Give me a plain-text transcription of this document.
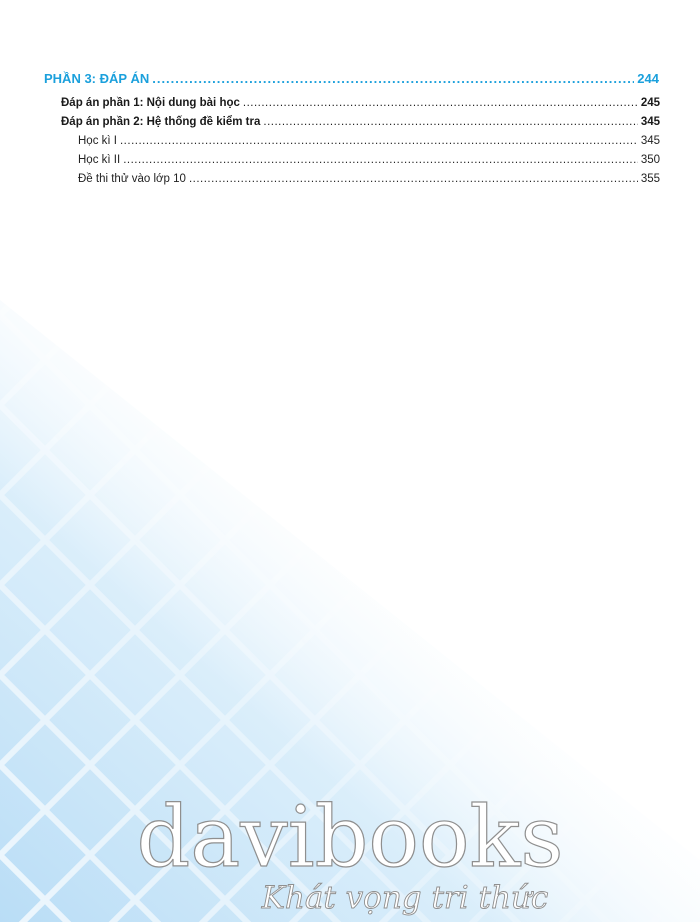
PHẦN 3: ĐÁP ÁN .....	244
Đáp án phần 1: Nội dung bài học .....	245
Đáp án phần 2: Hệ thống đề kiểm tra .....	345
Học kì I .....	345
Học kì II .....	350
Đề thi thử vào lớp 10 .....	355
davibooks
Khát vọng tri thức
